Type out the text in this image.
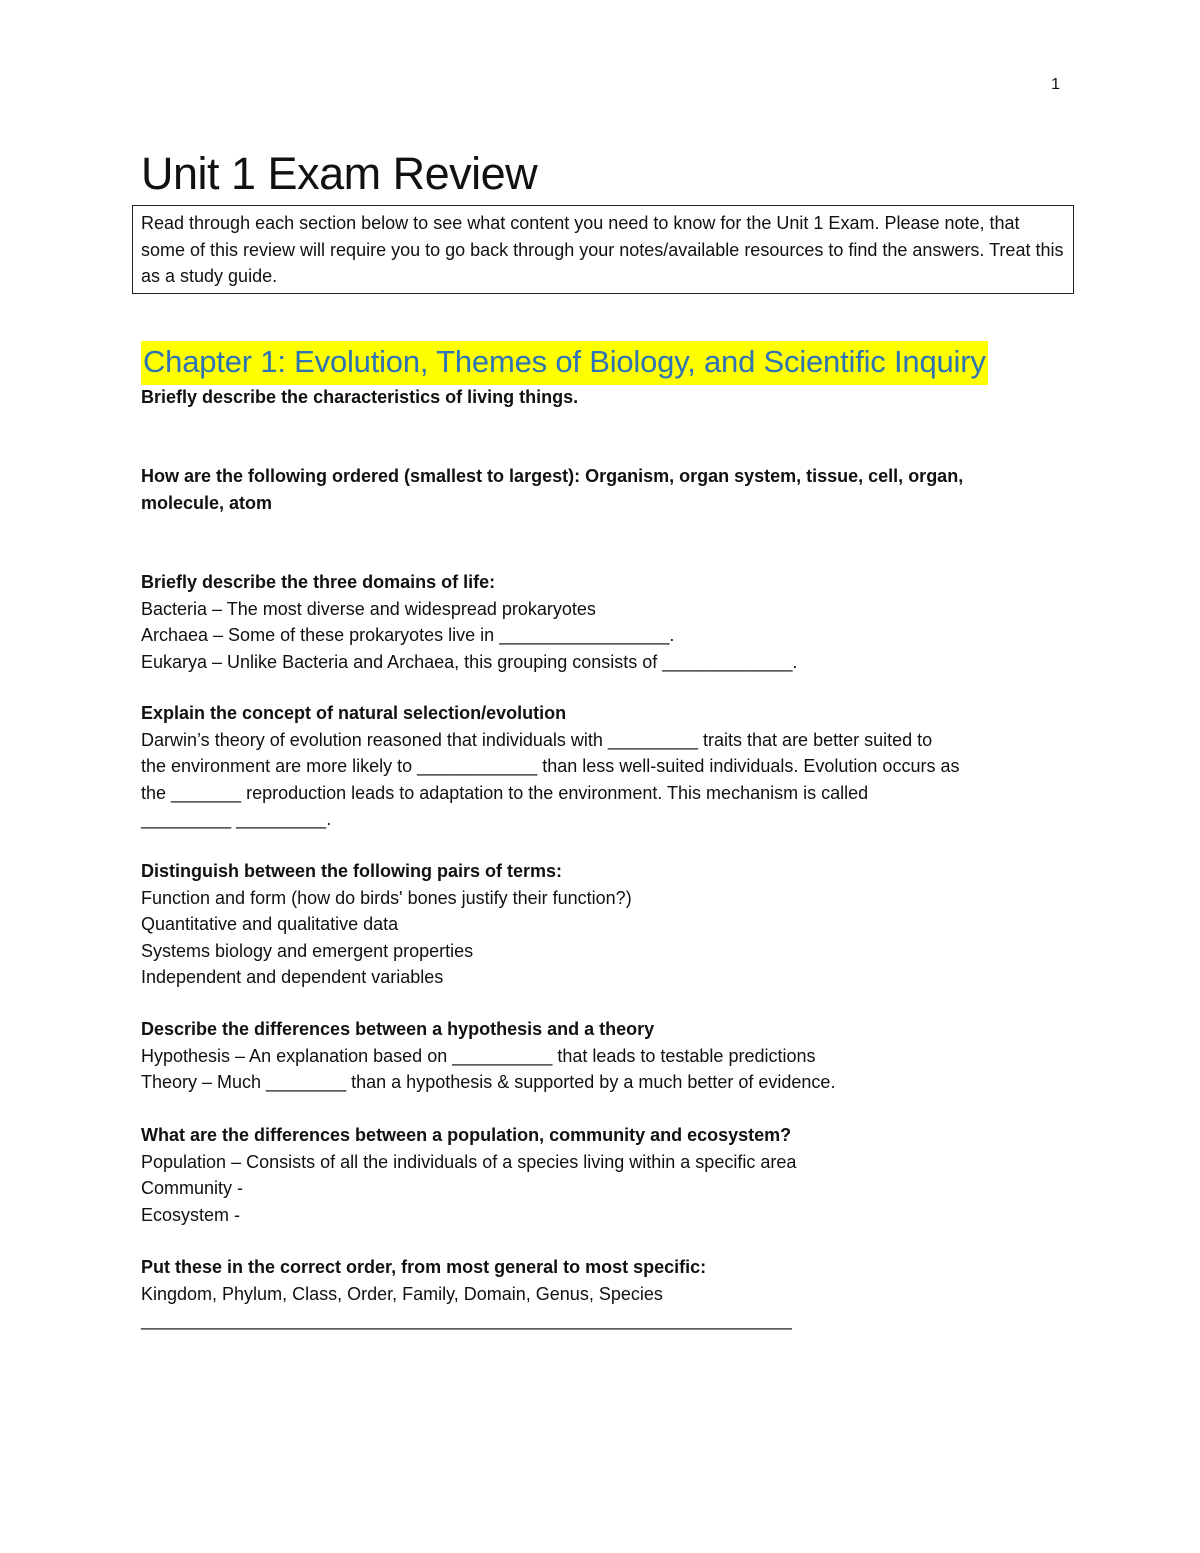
1
Unit 1 Exam Review
Read through each section below to see what content you need to know for the Unit 1 Exam. Please note, that some of this review will require you to go back through your notes/available resources to find the answers. Treat this as a study guide.
Chapter 1: Evolution, Themes of Biology, and Scientific Inquiry
Briefly describe the characteristics of living things.
How are the following ordered (smallest to largest): Organism, organ system, tissue, cell, organ, molecule, atom
Briefly describe the three domains of life:
Bacteria – The most diverse and widespread prokaryotes
Archaea – Some of these prokaryotes live in _________________.
Eukarya – Unlike Bacteria and Archaea, this grouping consists of _____________.
Explain the concept of natural selection/evolution
Darwin’s theory of evolution reasoned that individuals with _________ traits that are better suited to
the environment are more likely to ____________ than less well-suited individuals. Evolution occurs as
the _______ reproduction leads to adaptation to the environment. This mechanism is called
_________ _________.
Distinguish between the following pairs of terms:
Function and form (how do birds' bones justify their function?)
Quantitative and qualitative data
Systems biology and emergent properties
Independent and dependent variables
Describe the differences between a hypothesis and a theory
Hypothesis – An explanation based on __________ that leads to testable predictions
Theory – Much ________ than a hypothesis & supported by a much better of evidence.
What are the differences between a population, community and ecosystem?
Population – Consists of all the individuals of a species living within a specific area
Community -
Ecosystem -
Put these in the correct order, from most general to most specific:
Kingdom, Phylum, Class, Order, Family, Domain, Genus, Species
_________________________________________________________________
